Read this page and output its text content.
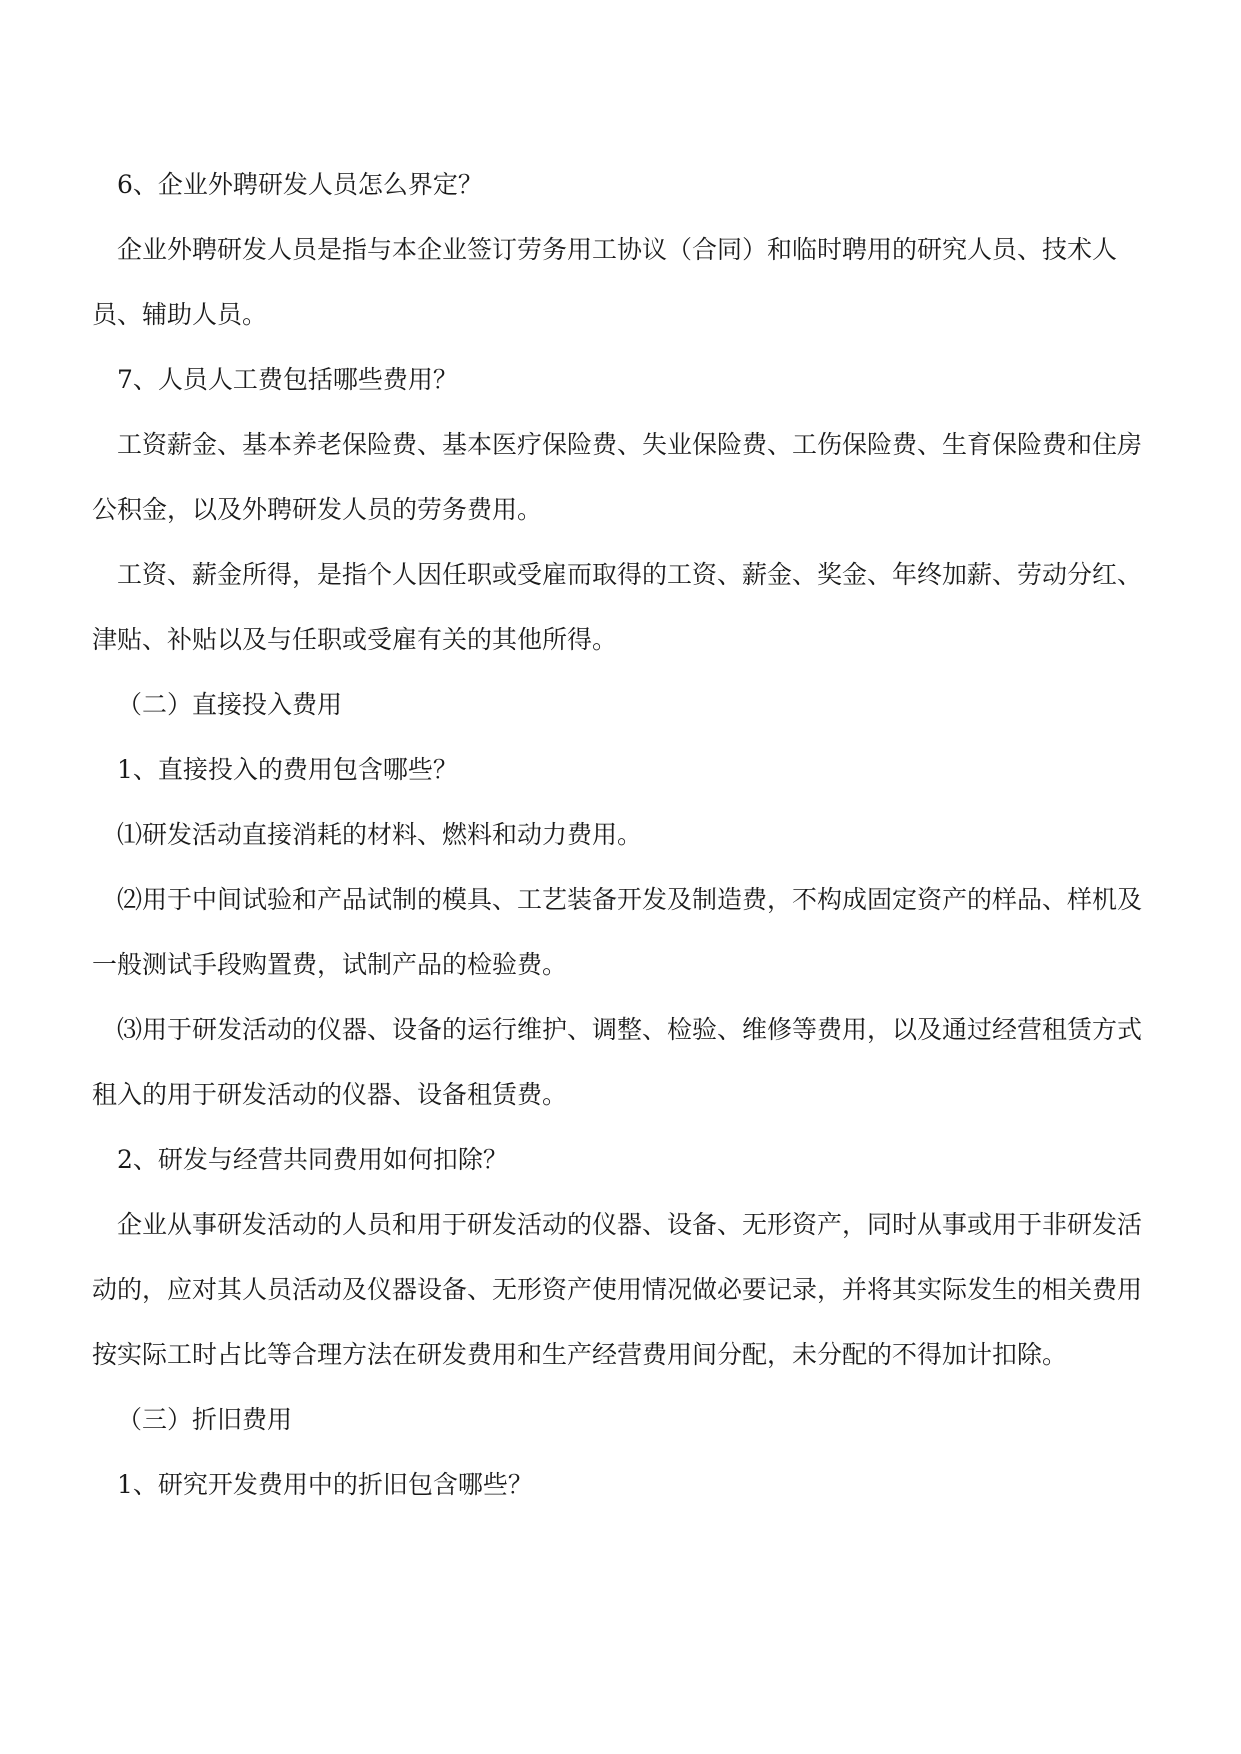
6、企业外聘研发人员怎么界定？

企业外聘研发人员是指与本企业签订劳务用工协议（合同）和临时聘用的研究人员、技术人员、辅助人员。

7、人员人工费包括哪些费用？

工资薪金、基本养老保险费、基本医疗保险费、失业保险费、工伤保险费、生育保险费和住房公积金，以及外聘研发人员的劳务费用。

工资、薪金所得，是指个人因任职或受雇而取得的工资、薪金、奖金、年终加薪、劳动分红、津贴、补贴以及与任职或受雇有关的其他所得。

（二）直接投入费用

1、直接投入的费用包含哪些？

⑴研发活动直接消耗的材料、燃料和动力费用。

⑵用于中间试验和产品试制的模具、工艺装备开发及制造费，不构成固定资产的样品、样机及一般测试手段购置费，试制产品的检验费。

⑶用于研发活动的仪器、设备的运行维护、调整、检验、维修等费用，以及通过经营租赁方式租入的用于研发活动的仪器、设备租赁费。

2、研发与经营共同费用如何扣除？

企业从事研发活动的人员和用于研发活动的仪器、设备、无形资产，同时从事或用于非研发活动的，应对其人员活动及仪器设备、无形资产使用情况做必要记录，并将其实际发生的相关费用按实际工时占比等合理方法在研发费用和生产经营费用间分配，未分配的不得加计扣除。

（三）折旧费用

1、研究开发费用中的折旧包含哪些？
